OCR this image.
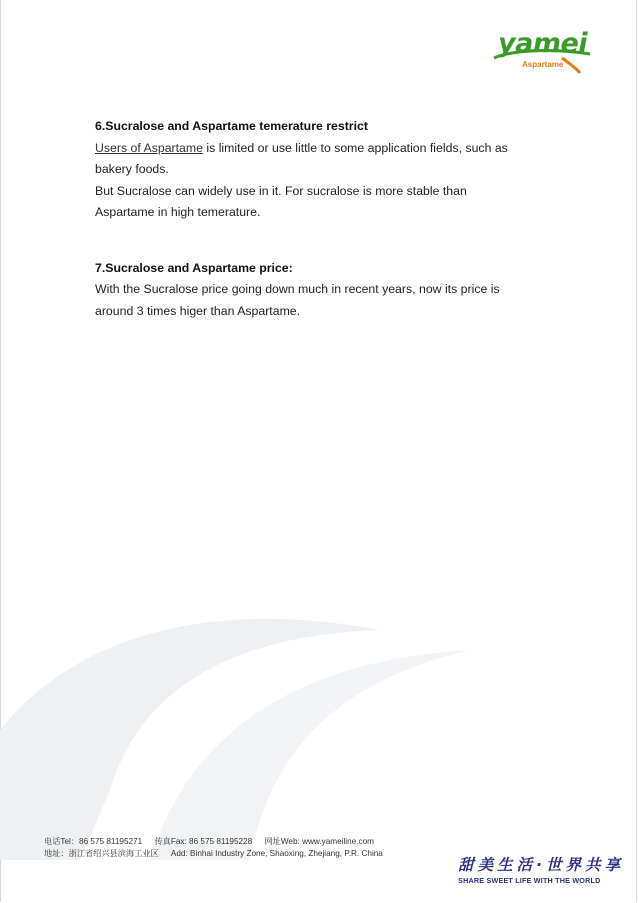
yamei
Aspartame

6.Sucralose and Aspartame temerature restrict

Users of Aspartame is limited or use little to some application fields, such as

bakery foods.

But Sucralose can widely use in it. For sucralose is more stable than

Aspartame in high temerature.

7.Sucralose and Aspartame price:

With the Sucralose price going down much in recent years, now its price is

around 3 times higer than Aspartame.

电话Tel：86 575 81195271 传真Fax: 86 575 81195228 网址Web: www.yameiline.com
地址：浙江省绍兴县滨海工业区 Add: Binhai Industry Zone, Shaoxing, Zhejiang, P.R. China
甜美生活·世界共享
SHARE SWEET LIFE WITH THE WORLD
